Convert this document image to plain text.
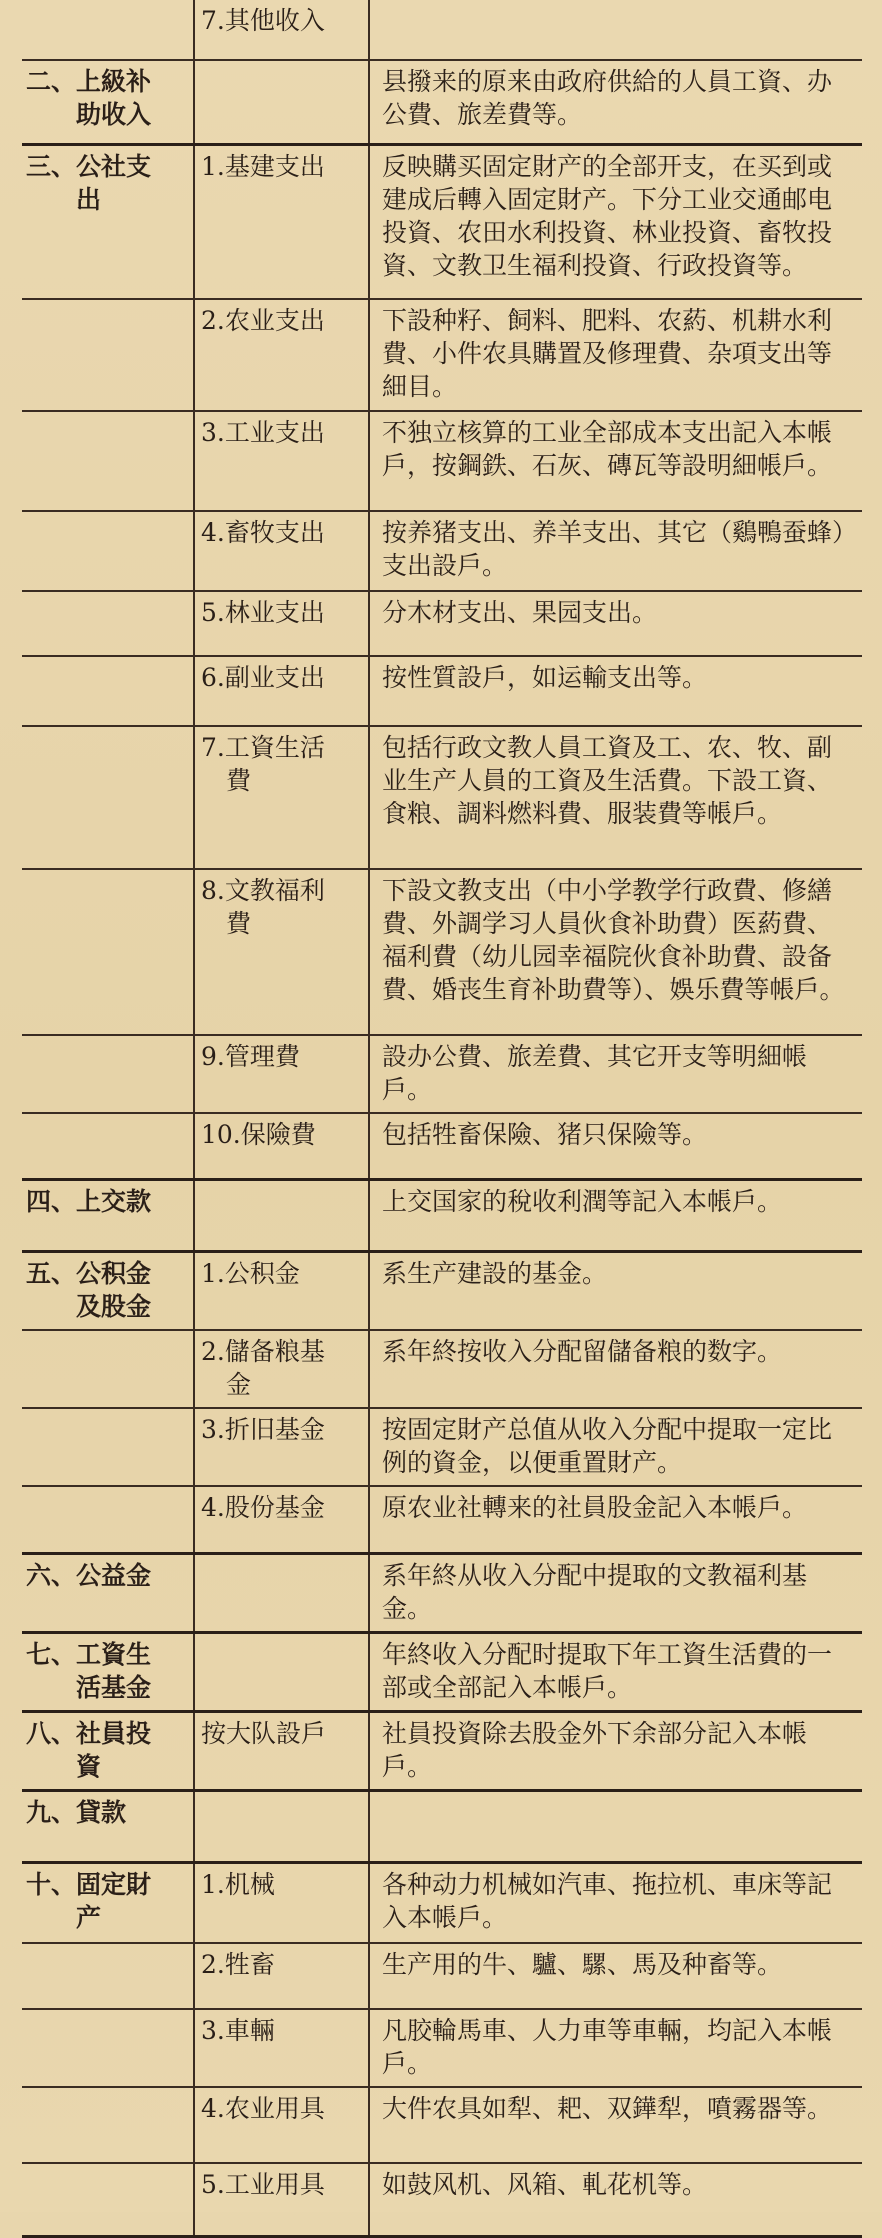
	7.其他收入	

二、上級补
　　助收入		县撥来的原来由政府供給的人員工資、办公費、旅差費等。

三、公社支
　　出	1.基建支出	反映購买固定財产的全部开支，在买到或建成后轉入固定財产。下分工业交通邮电投資、农田水利投資、林业投資、畜牧投資、文教卫生福利投資、行政投資等。

	2.农业支出	下設种籽、飼料、肥料、农葯、机耕水利費、小件农具購置及修理費、杂項支出等細目。

	3.工业支出	不独立核算的工业全部成本支出記入本帳戶，按鋼鉄、石灰、磚瓦等設明細帳戶。

	4.畜牧支出	按养猪支出、养羊支出、其它（鷄鴨蚕蜂）支出設戶。

	5.林业支出	分木材支出、果园支出。

	6.副业支出	按性質設戶，如运輸支出等。

	7.工資生活
　費	包括行政文教人員工資及工、农、牧、副业生产人員的工資及生活費。下設工資、食粮、調料燃料費、服装費等帳戶。

	8.文教福利
　費	下設文教支出（中小学教学行政費、修繕費、外調学习人員伙食补助費）医葯費、福利費（幼儿园幸福院伙食补助費、設备費、婚丧生育补助費等）、娛乐費等帳戶。

	9.管理費	設办公費、旅差費、其它开支等明細帳戶。

	10.保險費	包括牲畜保險、猪只保險等。

四、上交款		上交国家的稅收利潤等記入本帳戶。

五、公积金
　　及股金	1.公积金	系生产建設的基金。

	2.儲备粮基
　金	系年終按收入分配留儲备粮的数字。

	3.折旧基金	按固定財产总值从收入分配中提取一定比例的資金，以便重置財产。

	4.股份基金	原农业社轉来的社員股金記入本帳戶。

六、公益金		系年終从收入分配中提取的文教福利基金。

七、工資生
　　活基金		年終收入分配时提取下年工資生活費的一部或全部記入本帳戶。

八、社員投
　　資	按大队設戶	社員投資除去股金外下余部分記入本帳戶。

九、貸款		

十、固定財
　　产	1.机械	各种动力机械如汽車、拖拉机、車床等記入本帳戶。

	2.牲畜	生产用的牛、驢、騾、馬及种畜等。

	3.車輛	凡胶輪馬車、人力車等車輛，均記入本帳戶。

	4.农业用具	大件农具如犁、耙、双鏵犁，噴霧器等。

	5.工业用具	如鼓风机、风箱、軋花机等。
